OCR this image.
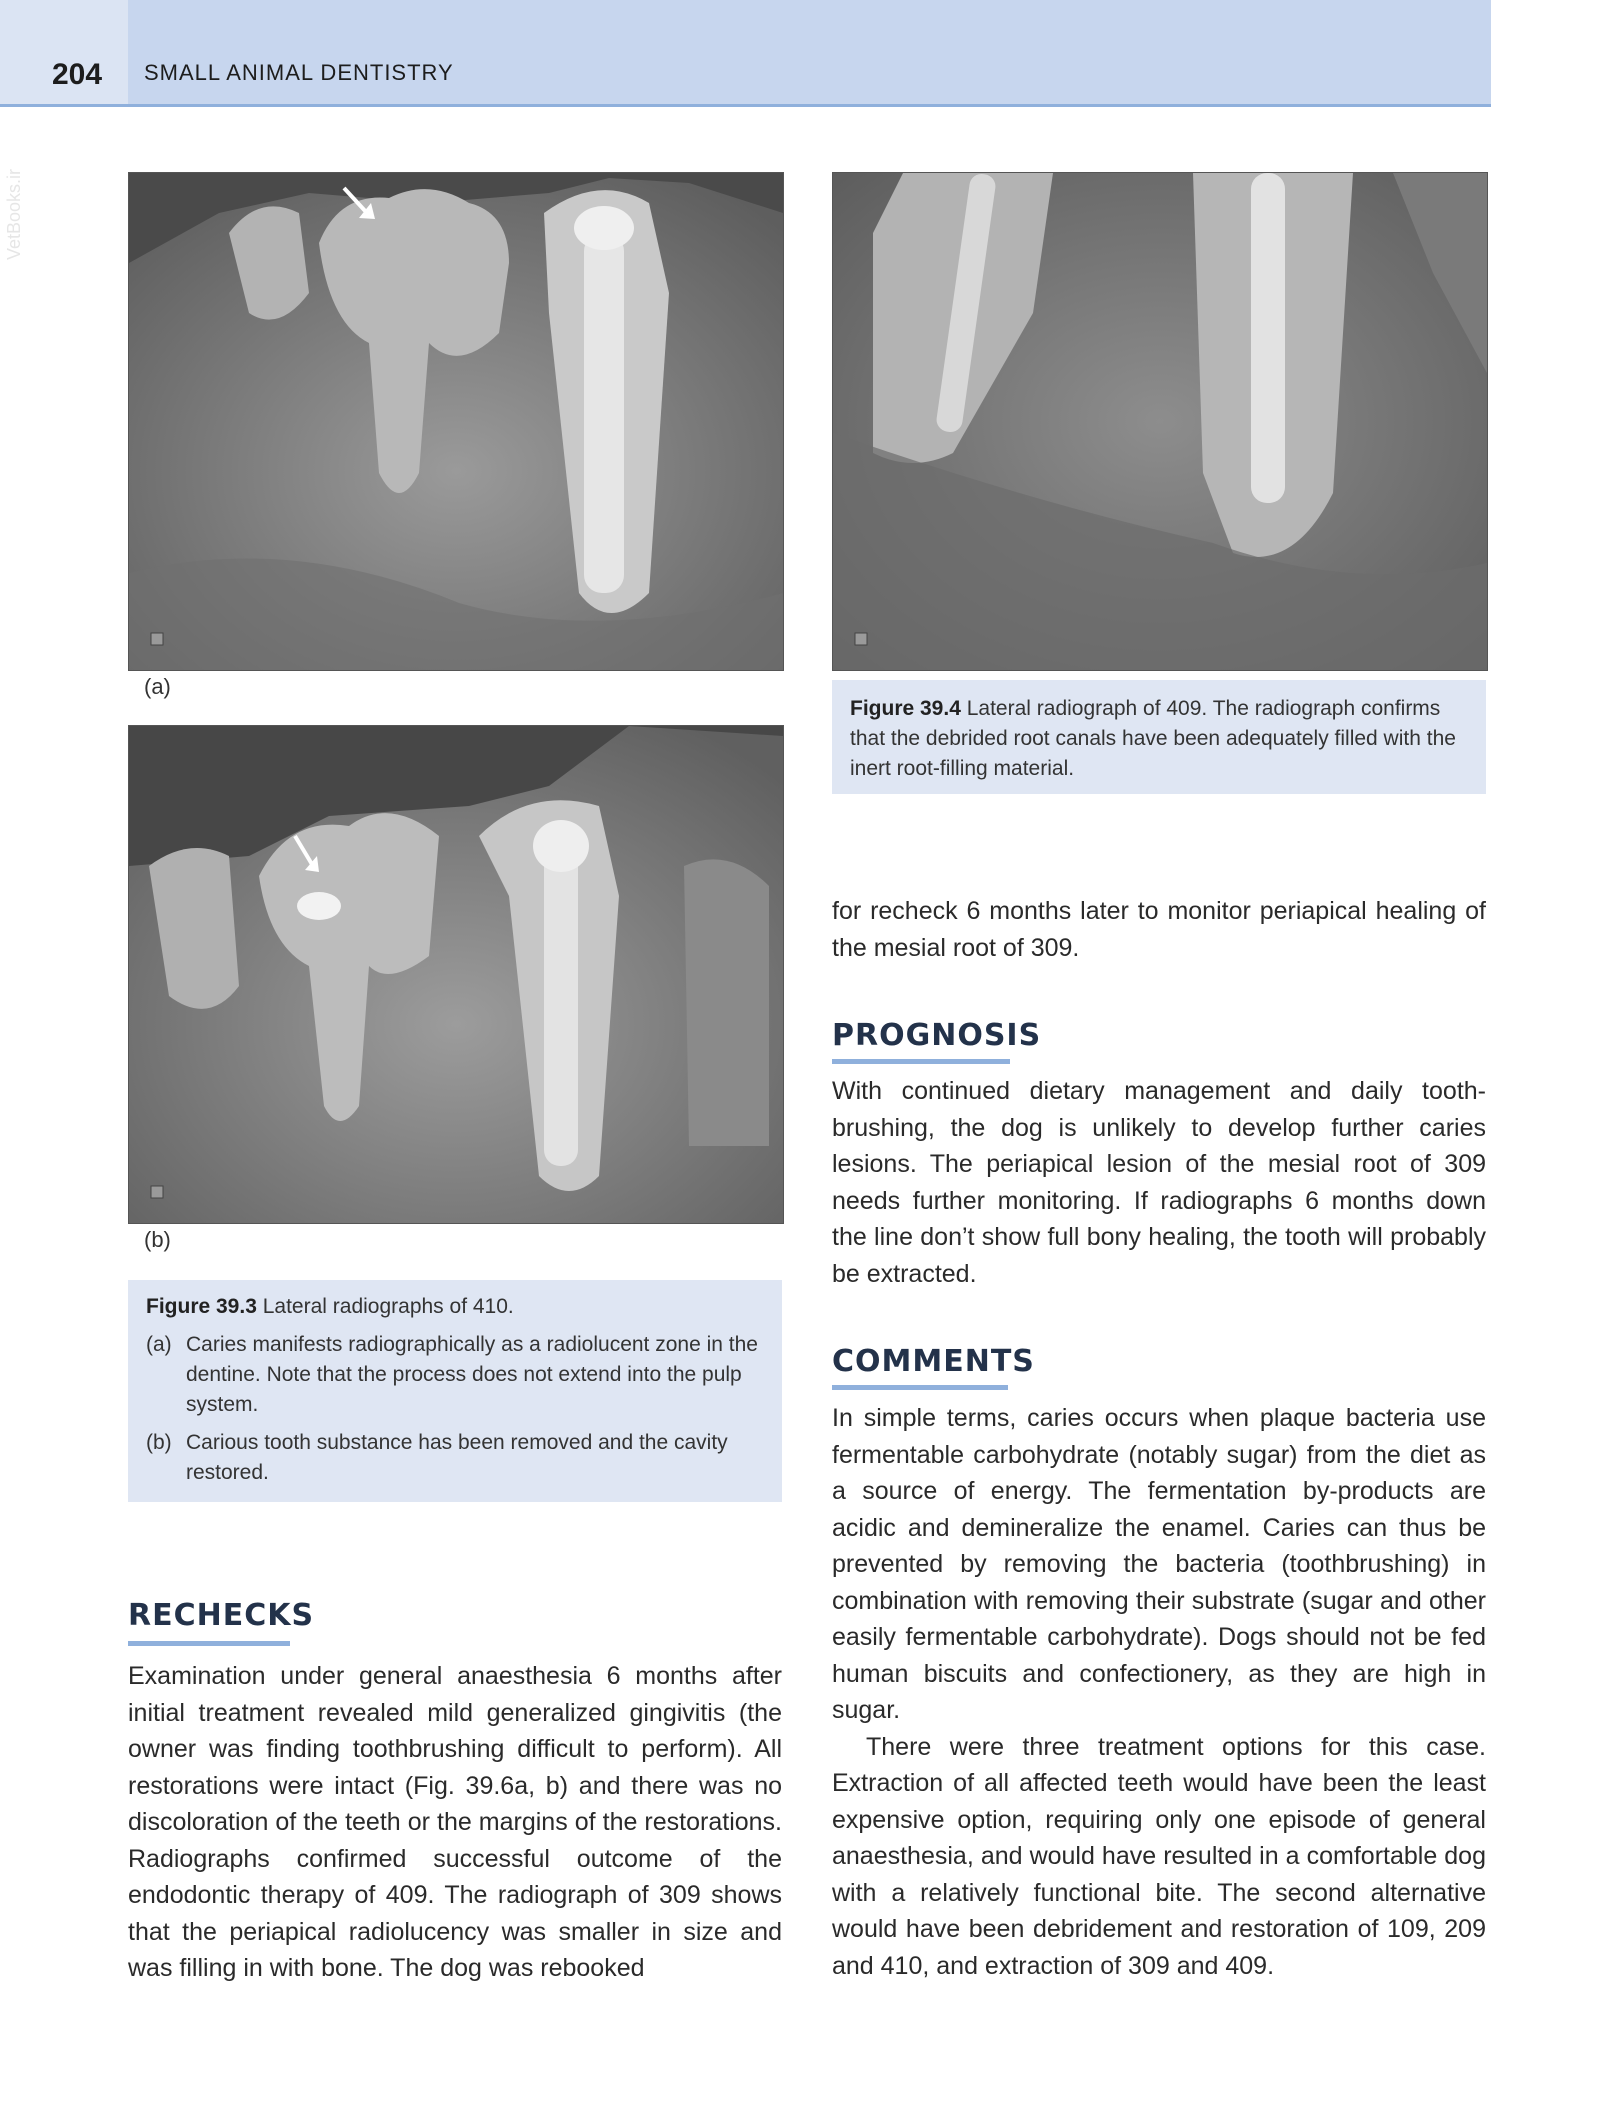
204 SMALL ANIMAL DENTISTRY
VetBooks.ir
(a)
(b)
Figure 39.3 Lateral radiographs of 410.
(a) Caries manifests radiographically as a radiolucent zone in the dentine. Note that the process does not extend into the pulp system.
(b) Carious tooth substance has been removed and the cavity restored.
Figure 39.4 Lateral radiograph of 409. The radiograph confirms that the debrided root canals have been adequately filled with the inert root-filling material.
RECHECKS

Examination under general anaesthesia 6 months after initial treatment revealed mild generalized gingivitis (the owner was finding toothbrushing difficult to perform). All restorations were intact (Fig. 39.6a, b) and there was no discoloration of the teeth or the margins of the restorations. Radiographs confirmed successful outcome of the endodontic therapy of 409. The radiograph of 309 shows that the periapical radiolucency was smaller in size and was filling in with bone. The dog was rebooked

for recheck 6 months later to monitor periapical healing of the mesial root of 309.

PROGNOSIS

With continued dietary management and daily toothbrushing, the dog is unlikely to develop further caries lesions. The periapical lesion of the mesial root of 309 needs further monitoring. If radiographs 6 months down the line don’t show full bony healing, the tooth will probably be extracted.

COMMENTS

In simple terms, caries occurs when plaque bacteria use fermentable carbohydrate (notably sugar) from the diet as a source of energy. The fermentation by-products are acidic and demineralize the enamel. Caries can thus be prevented by removing the bacteria (toothbrushing) in combination with removing their substrate (sugar and other easily fermentable carbohydrate). Dogs should not be fed human biscuits and confectionery, as they are high in sugar.

There were three treatment options for this case. Extraction of all affected teeth would have been the least expensive option, requiring only one episode of general anaesthesia, and would have resulted in a comfortable dog with a relatively functional bite. The second alternative would have been debridement and restoration of 109, 209 and 410, and extraction of 309 and 409.
